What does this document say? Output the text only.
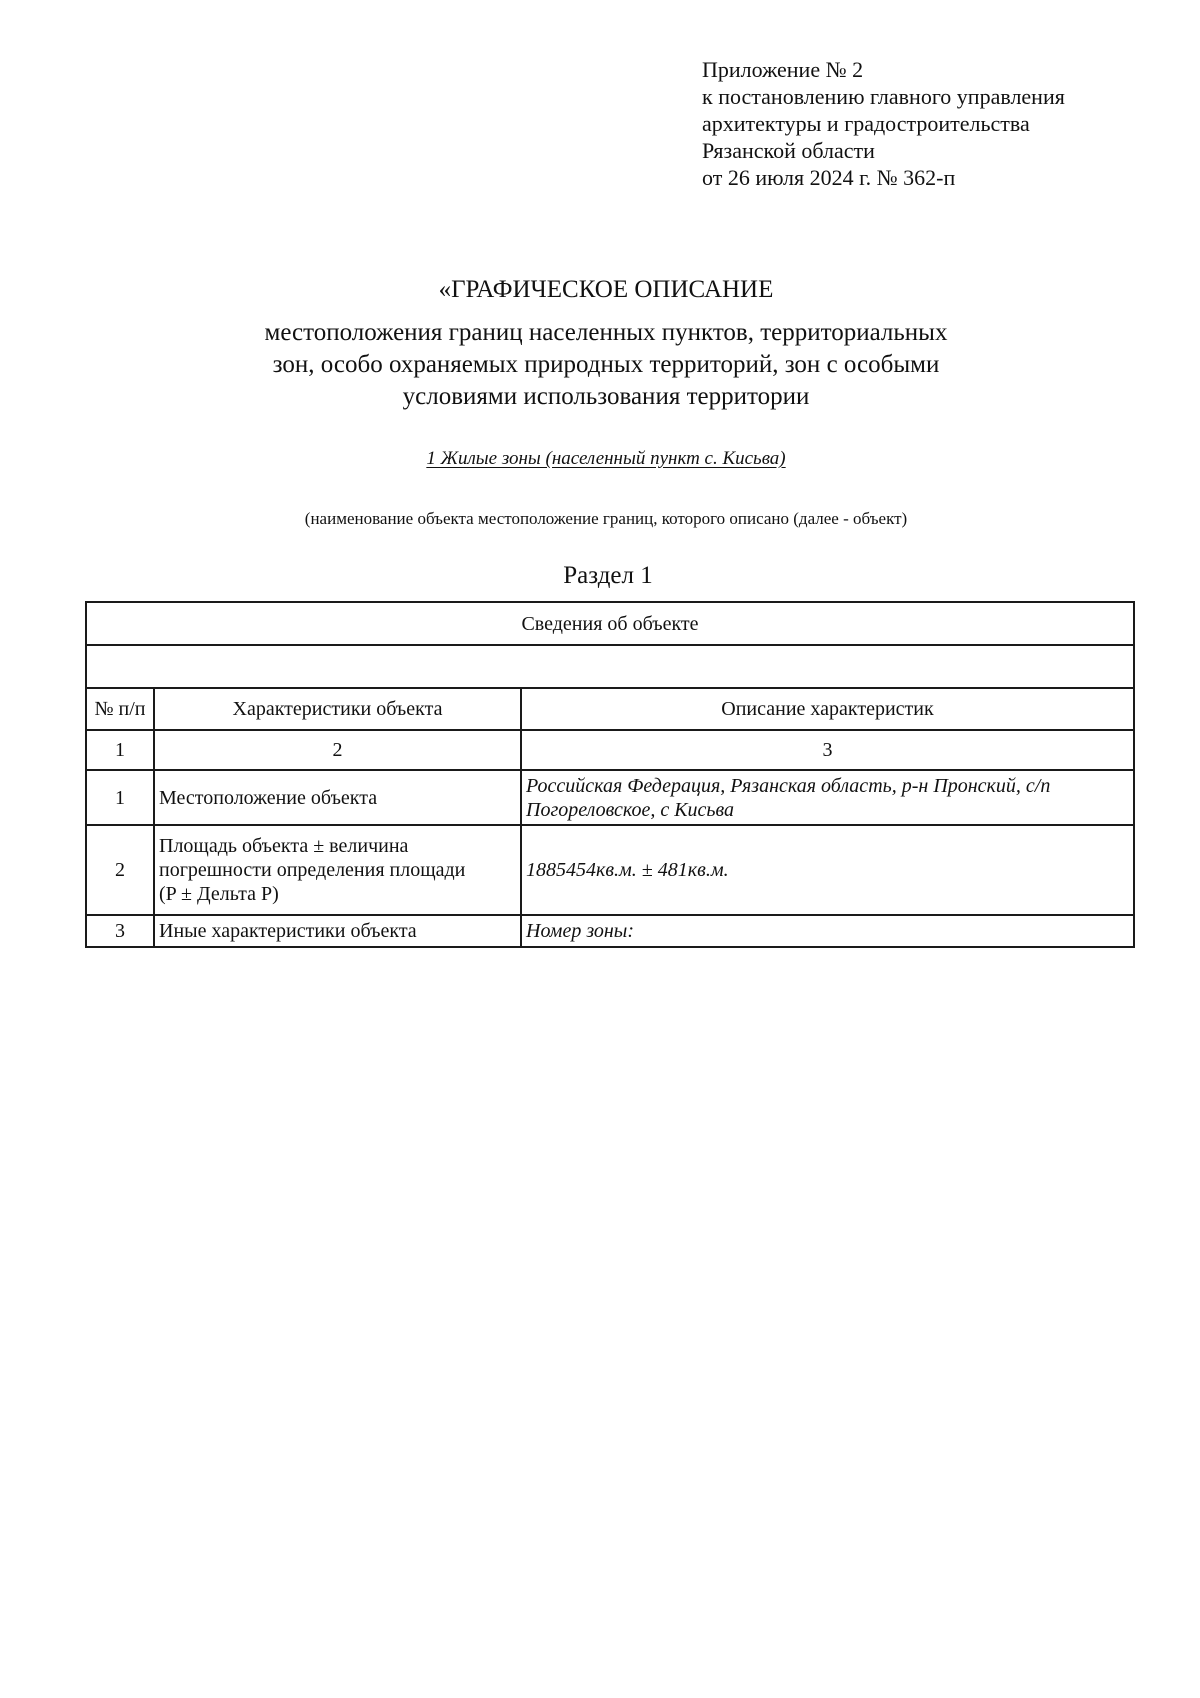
Приложение № 2
к постановлению главного управления
архитектуры и градостроительства
Рязанской области
от 26 июля 2024 г. № 362-п
«ГРАФИЧЕСКОЕ ОПИСАНИЕ
местоположения границ населенных пунктов, территориальных
зон, особо охраняемых природных территорий, зон с особыми
условиями использования территории
1 Жилые зоны (населенный пункт с. Кисьва)
(наименование объекта местоположение границ, которого описано (далее - объект)
Раздел 1
Сведения об объекте		

№ п/п	Характеристики объекта	Описание характеристик
1	2	3
1	Местоположение объекта	Российская Федерация, Рязанская область, р-н Пронский, с/п
Погореловское, с Кисьва

2	Площадь объекта ± величина
погрешности определения площади
(P ± Дельта P)	1885454кв.м. ± 481кв.м.
3	Иные характеристики объекта	Номер зоны:
